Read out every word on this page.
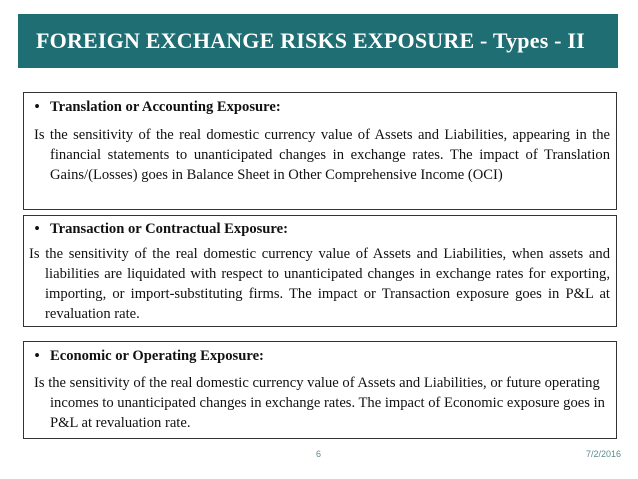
FOREIGN EXCHANGE RISKS EXPOSURE - Types - II
• Translation or Accounting Exposure:
Is the sensitivity of the real domestic currency value of Assets and Liabilities, appearing in the financial statements to unanticipated changes in exchange rates. The impact of Translation Gains/(Losses) goes in Balance Sheet in Other Comprehensive Income (OCI)
• Transaction or Contractual Exposure:
Is the sensitivity of the real domestic currency value of Assets and Liabilities, when assets and liabilities are liquidated with respect to unanticipated changes in exchange rates for exporting, importing, or import-substituting firms. The impact or Transaction exposure goes in P&L at revaluation rate.
• Economic or Operating Exposure:
Is the sensitivity of the real domestic currency value of Assets and Liabilities, or future operating incomes to unanticipated changes in exchange rates. The impact of Economic exposure goes in P&L at revaluation rate.
6	7/2/2016
